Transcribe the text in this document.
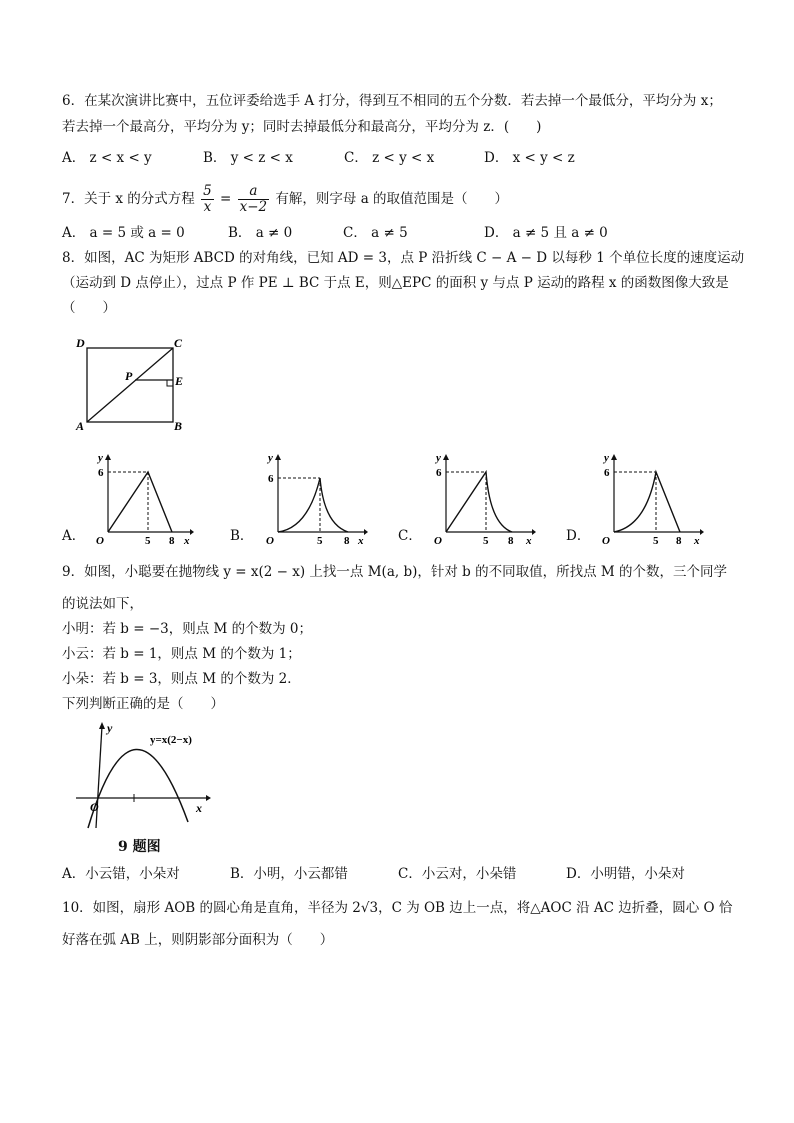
6．在某次演讲比赛中，五位评委给选手 A 打分，得到互不相同的五个分数．若去掉一个最低分，平均分为 x；
若去掉一个最高分，平均分为 y；同时去掉最低分和最高分，平均分为 z．(　　)
A． z < x < y	B． y < z < x	C． z < y < x	D． x < y < z
7．关于 x 的分式方程 $\frac{5}{x} = \frac{a}{x-2}$ 有解，则字母 a 的取值范围是（　　）
A． a = 5 或 a = 0	B． a ≠ 0	C． a ≠ 5	D． a ≠ 5 且 a ≠ 0
8．如图，AC 为矩形 ABCD 的对角线，已知 AD = 3，点 P 沿折线 C − A − D 以每秒 1 个单位长度的速度运动
（运动到 D 点停止），过点 P 作 PE ⊥ BC 于点 E，则△EPC 的面积 y 与点 P 运动的路程 x 的函数图像大致是
（　　）
D	C
A	B
P	E
A．
y
6
O	5 8 x	B．
y
6
O	5 8 x	C．
y
6
O	5 8 x	D．
y
6
O	5 8 x
9．如图，小聪要在抛物线 y = x(2 − x) 上找一点 M(a, b)，针对 b 的不同取值，所找点 M 的个数，三个同学
的说法如下，
小明：若 b = −3，则点 M 的个数为 0；
小云：若 b = 1，则点 M 的个数为 1；
小朵：若 b = 3，则点 M 的个数为 2．
下列判断正确的是（　　）
y
x
O
y=x(2−x)
9 题图
A．小云错，小朵对	B．小明，小云都错	C．小云对，小朵错	D．小明错，小朵对
10．如图，扇形 AOB 的圆心角是直角，半径为 2√3，C 为 OB 边上一点，将△AOC 沿 AC 边折叠，圆心 O 恰
好落在弧 AB 上，则阴影部分面积为（　　）
